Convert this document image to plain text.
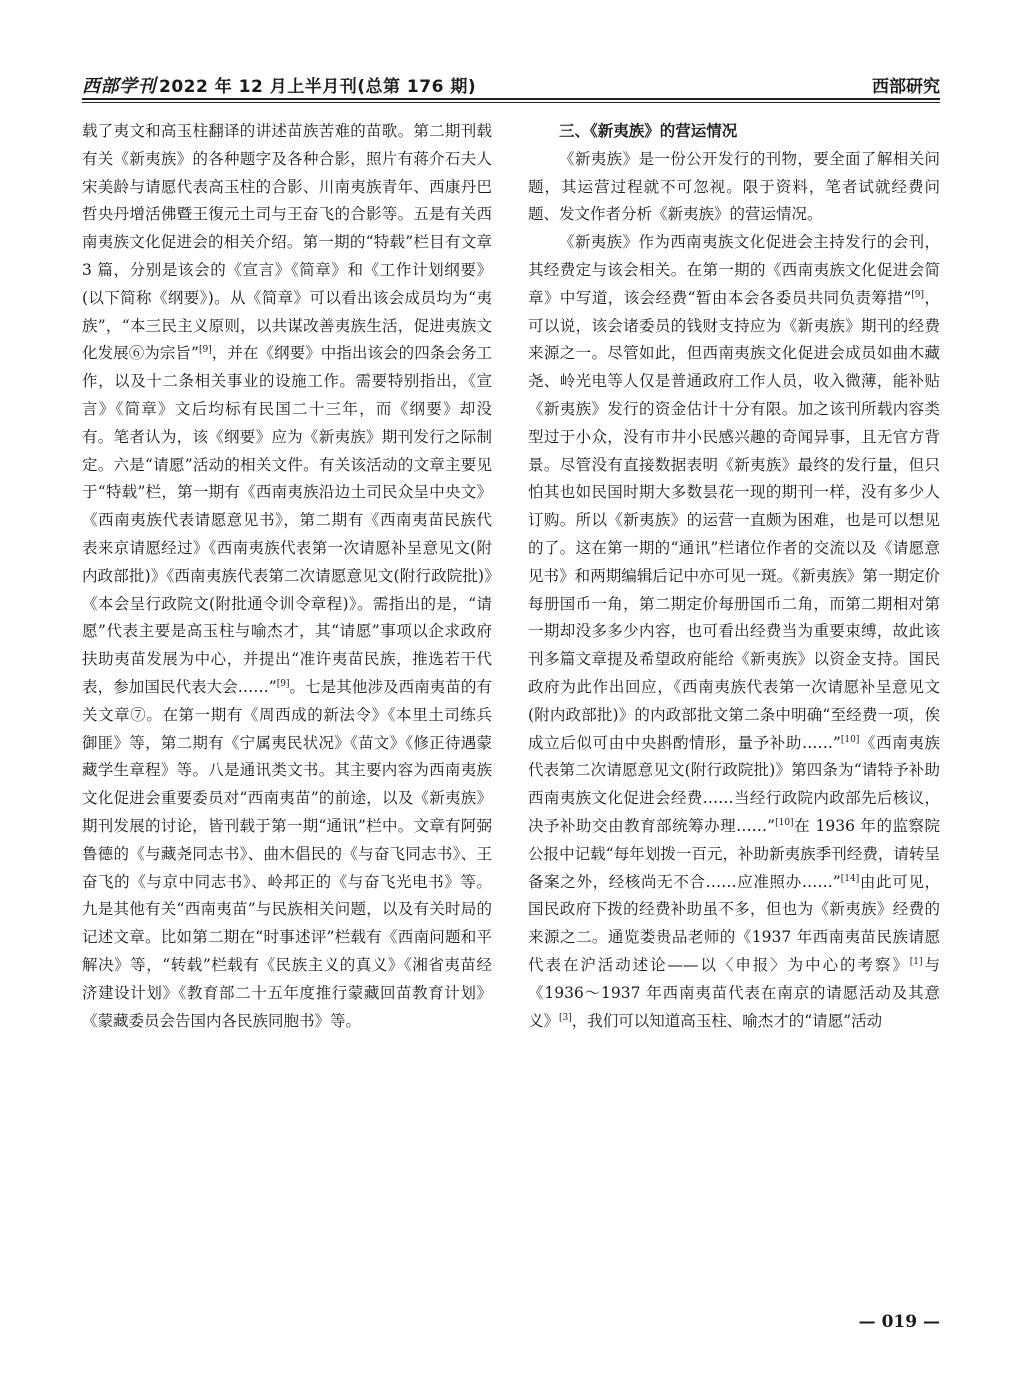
西部学刊 2022 年 12 月上半月刊(总第 176 期)	西部研究

载了夷文和高玉柱翻译的讲述苗族苦难的苗歌。第二期刊载有关《新夷族》的各种题字及各种合影，照片有蒋介石夫人宋美龄与请愿代表高玉柱的合影、川南夷族青年、西康丹巴哲央丹增活佛暨王復元土司与王奋飞的合影等。五是有关西南夷族文化促进会的相关介绍。第一期的“特载”栏目有文章 3 篇，分别是该会的《宣言》《简章》和《工作计划纲要》(以下简称《纲要》)。从《简章》可以看出该会成员均为“夷族”，“本三民主义原则，以共谋改善夷族生活，促进夷族文化发展⑥为宗旨”[9]，并在《纲要》中指出该会的四条会务工作，以及十二条相关事业的设施工作。需要特别指出，《宣言》《简章》文后均标有民国二十三年，而《纲要》却没有。笔者认为，该《纲要》应为《新夷族》期刊发行之际制定。六是“请愿”活动的相关文件。有关该活动的文章主要见于“特载”栏，第一期有《西南夷族沿边土司民众呈中央文》《西南夷族代表请愿意见书》，第二期有《西南夷苗民族代表来京请愿经过》《西南夷族代表第一次请愿补呈意见文(附内政部批)》《西南夷族代表第二次请愿意见文(附行政院批)》《本会呈行政院文(附批通令训令章程)》。需指出的是，“请愿”代表主要是高玉柱与喻杰才，其“请愿”事项以企求政府扶助夷苗发展为中心，并提出“准许夷苗民族，推选若干代表，参加国民代表大会……”[9]。七是其他涉及西南夷苗的有关文章⑦。在第一期有《周西成的新法令》《本里土司练兵御匪》等，第二期有《宁属夷民状况》《苗文》《修正待遇蒙藏学生章程》等。八是通讯类文书。其主要内容为西南夷族文化促进会重要委员对“西南夷苗”的前途，以及《新夷族》期刊发展的讨论，皆刊载于第一期“通讯”栏中。文章有阿弼鲁德的《与藏尧同志书》、曲木倡民的《与奋飞同志书》、王奋飞的《与京中同志书》、岭邦正的《与奋飞光电书》等。九是其他有关“西南夷苗”与民族相关问题，以及有关时局的记述文章。比如第二期在“时事述评”栏载有《西南问题和平解决》等，“转载”栏载有《民族主义的真义》《湘省夷苗经济建设计划》《教育部二十五年度推行蒙藏回苗教育计划》《蒙藏委员会告国内各民族同胞书》等。

三、《新夷族》的营运情况

《新夷族》是一份公开发行的刊物，要全面了解相关问题，其运营过程就不可忽视。限于资料，笔者试就经费问题、发文作者分析《新夷族》的营运情况。

《新夷族》作为西南夷族文化促进会主持发行的会刊，其经费定与该会相关。在第一期的《西南夷族文化促进会简章》中写道，该会经费“暂由本会各委员共同负责筹措”[9]，可以说，该会诸委员的钱财支持应为《新夷族》期刊的经费来源之一。尽管如此，但西南夷族文化促进会成员如曲木藏尧、岭光电等人仅是普通政府工作人员，收入微薄，能补贴《新夷族》发行的资金估计十分有限。加之该刊所载内容类型过于小众，没有市井小民感兴趣的奇闻异事，且无官方背景。尽管没有直接数据表明《新夷族》最终的发行量，但只怕其也如民国时期大多数昙花一现的期刊一样，没有多少人订购。所以《新夷族》的运营一直颇为困难，也是可以想见的了。这在第一期的“通讯”栏诸位作者的交流以及《请愿意见书》和两期编辑后记中亦可见一斑。《新夷族》第一期定价每册国币一角，第二期定价每册国币二角，而第二期相对第一期却没多多少内容，也可看出经费当为重要束缚，故此该刊多篇文章提及希望政府能给《新夷族》以资金支持。国民政府为此作出回应，《西南夷族代表第一次请愿补呈意见文(附内政部批)》的内政部批文第二条中明确“至经费一项，俟成立后似可由中央斟酌情形，量予补助……”[10]《西南夷族代表第二次请愿意见文(附行政院批)》第四条为“请特予补助西南夷族文化促进会经费……当经行政院内政部先后核议，决予补助交由教育部统筹办理……”[10]在 1936 年的监察院公报中记载“每年划拨一百元，补助新夷族季刊经费，请转呈备案之外，经核尚无不合……应准照办……”[14]由此可见，国民政府下拨的经费补助虽不多，但也为《新夷族》经费的来源之二。通览娄贵品老师的《1937 年西南夷苗民族请愿代表在沪活动述论——以〈申报〉为中心的考察》[1]与《1936～1937 年西南夷苗代表在南京的请愿活动及其意义》[3]，我们可以知道高玉柱、喻杰才的“请愿”活动

— 019 —
